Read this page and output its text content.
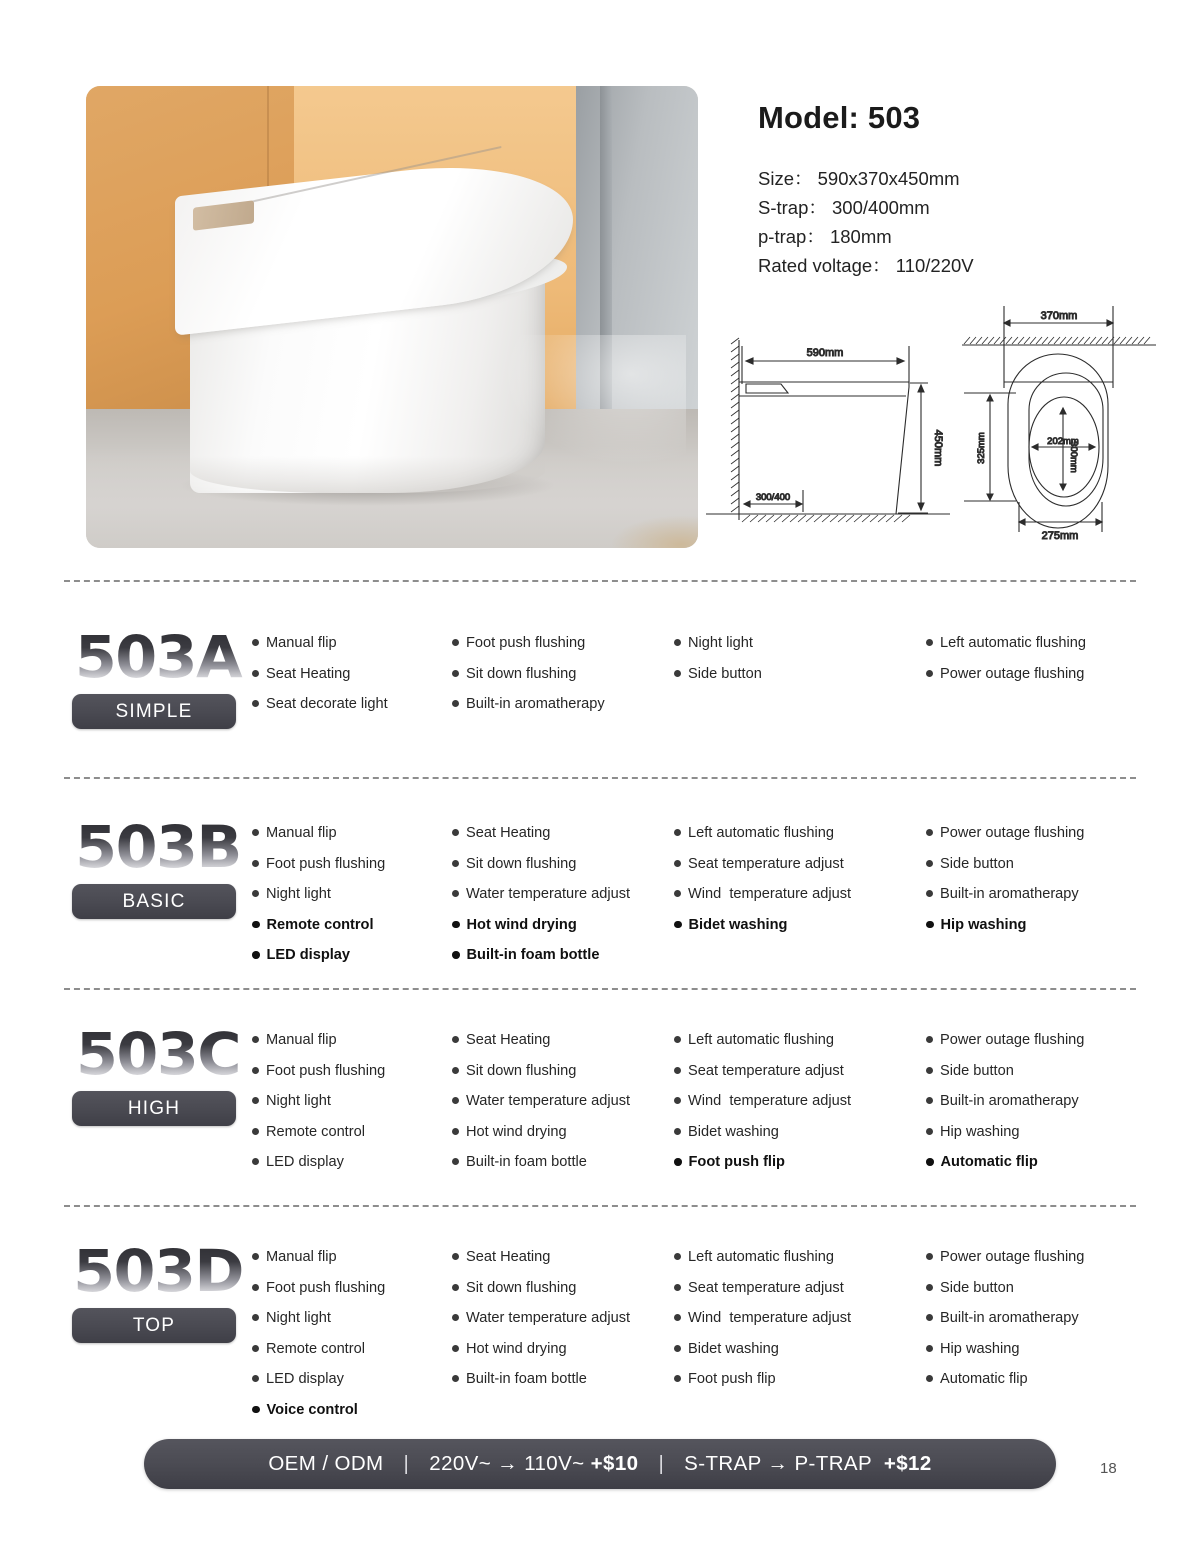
Model: 503
Size： 590x370x450mm
S-trap： 300/400mm
p-trap： 180mm
Rated voltage： 110/220V
590mm
450mm
300/400
370mm
325mm	202mm
300mm
275mm
503A
SIMPLE
Manual flip	Foot push flushing	Night light	Left automatic flushing
Seat Heating	Sit down flushing	Side button	Power outage flushing
Seat decorate light	Built-in aromatherapy
503B
BASIC
Manual flip	Seat Heating	Left automatic flushing	Power outage flushing
Foot push flushing	Sit down flushing	Seat temperature adjust	Side button
Night light	Water temperature adjust	Wind  temperature adjust	Built-in aromatherapy
Remote control	Hot wind drying	Bidet washing	Hip washing
LED display	Built-in foam bottle
503C
HIGH
Manual flip	Seat Heating	Left automatic flushing	Power outage flushing
Foot push flushing	Sit down flushing	Seat temperature adjust	Side button
Night light	Water temperature adjust	Wind  temperature adjust	Built-in aromatherapy
Remote control	Hot wind drying	Bidet washing	Hip washing
LED display	Built-in foam bottle	Foot push flip	Automatic flip
503D
TOP
Manual flip	Seat Heating	Left automatic flushing	Power outage flushing
Foot push flushing	Sit down flushing	Seat temperature adjust	Side button
Night light	Water temperature adjust	Wind  temperature adjust	Built-in aromatherapy
Remote control	Hot wind drying	Bidet washing	Hip washing
LED display	Built-in foam bottle	Foot push flip	Automatic flip
Voice control
OEM / ODM | 220V~ → 110V~ +$10 | S-TRAP → P-TRAP +$12	18
